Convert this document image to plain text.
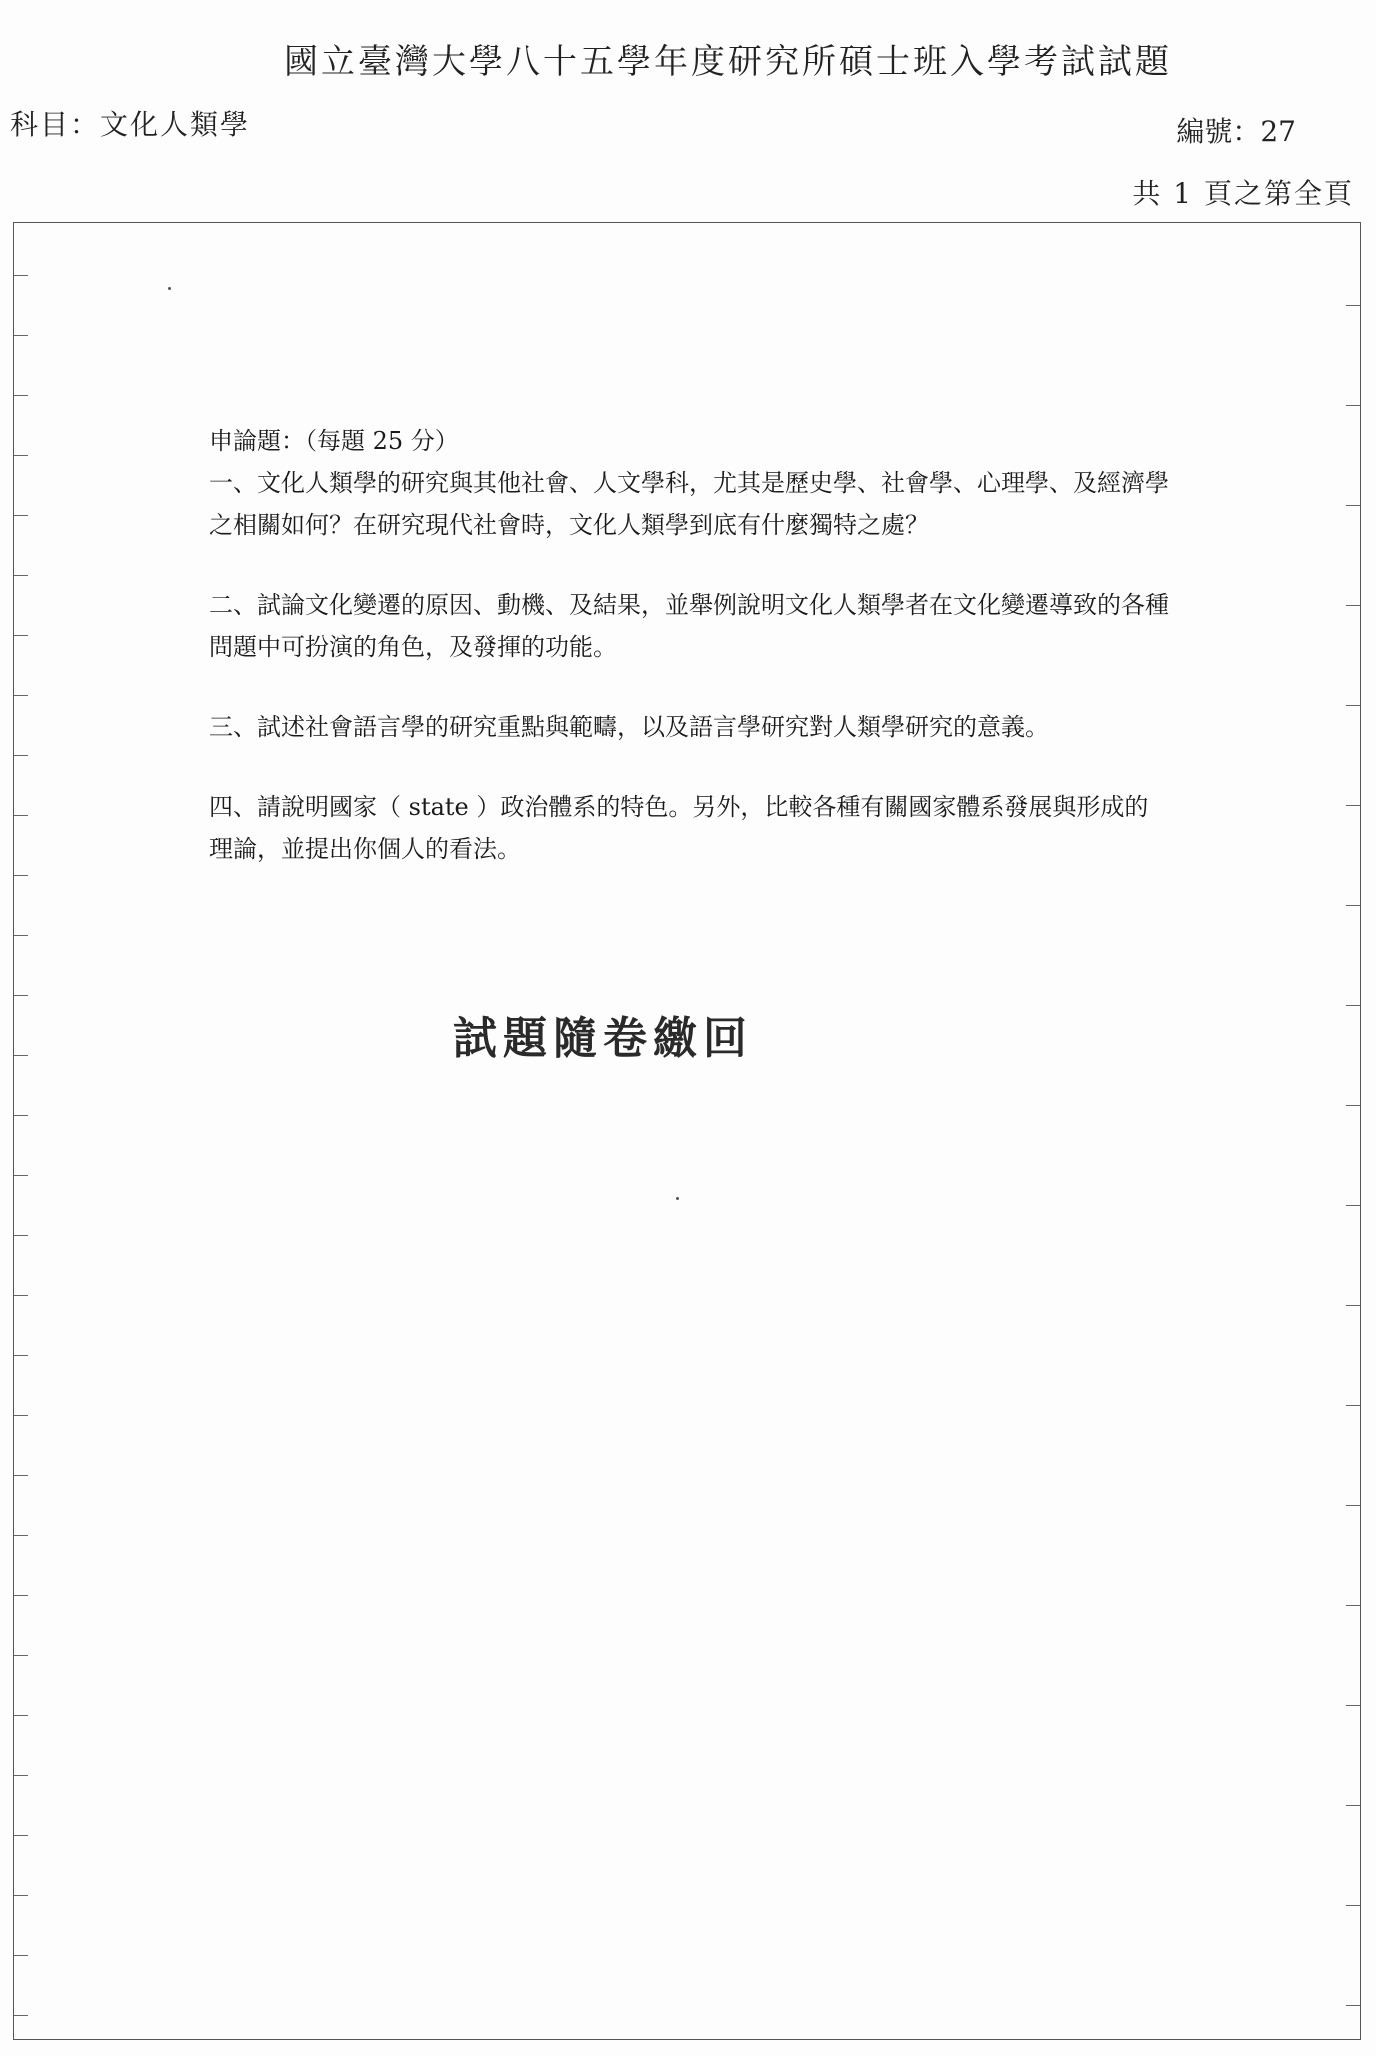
國立臺灣大學八十五學年度研究所碩士班入學考試試題
科目：文化人類學	編號：27
共 1 頁之第全頁

申論題：（每題 25 分）

一、文化人類學的研究與其他社會、人文學科，尤其是歷史學、社會學、心理學、及經濟學之相關如何？在研究現代社會時，文化人類學到底有什麼獨特之處？

二、試論文化變遷的原因、動機、及結果，並舉例說明文化人類學者在文化變遷導致的各種問題中可扮演的角色，及發揮的功能。

三、試述社會語言學的研究重點與範疇，以及語言學研究對人類學研究的意義。

四、請說明國家（ state ）政治體系的特色。另外，比較各種有關國家體系發展與形成的理論，並提出你個人的看法。

試題隨卷繳回
